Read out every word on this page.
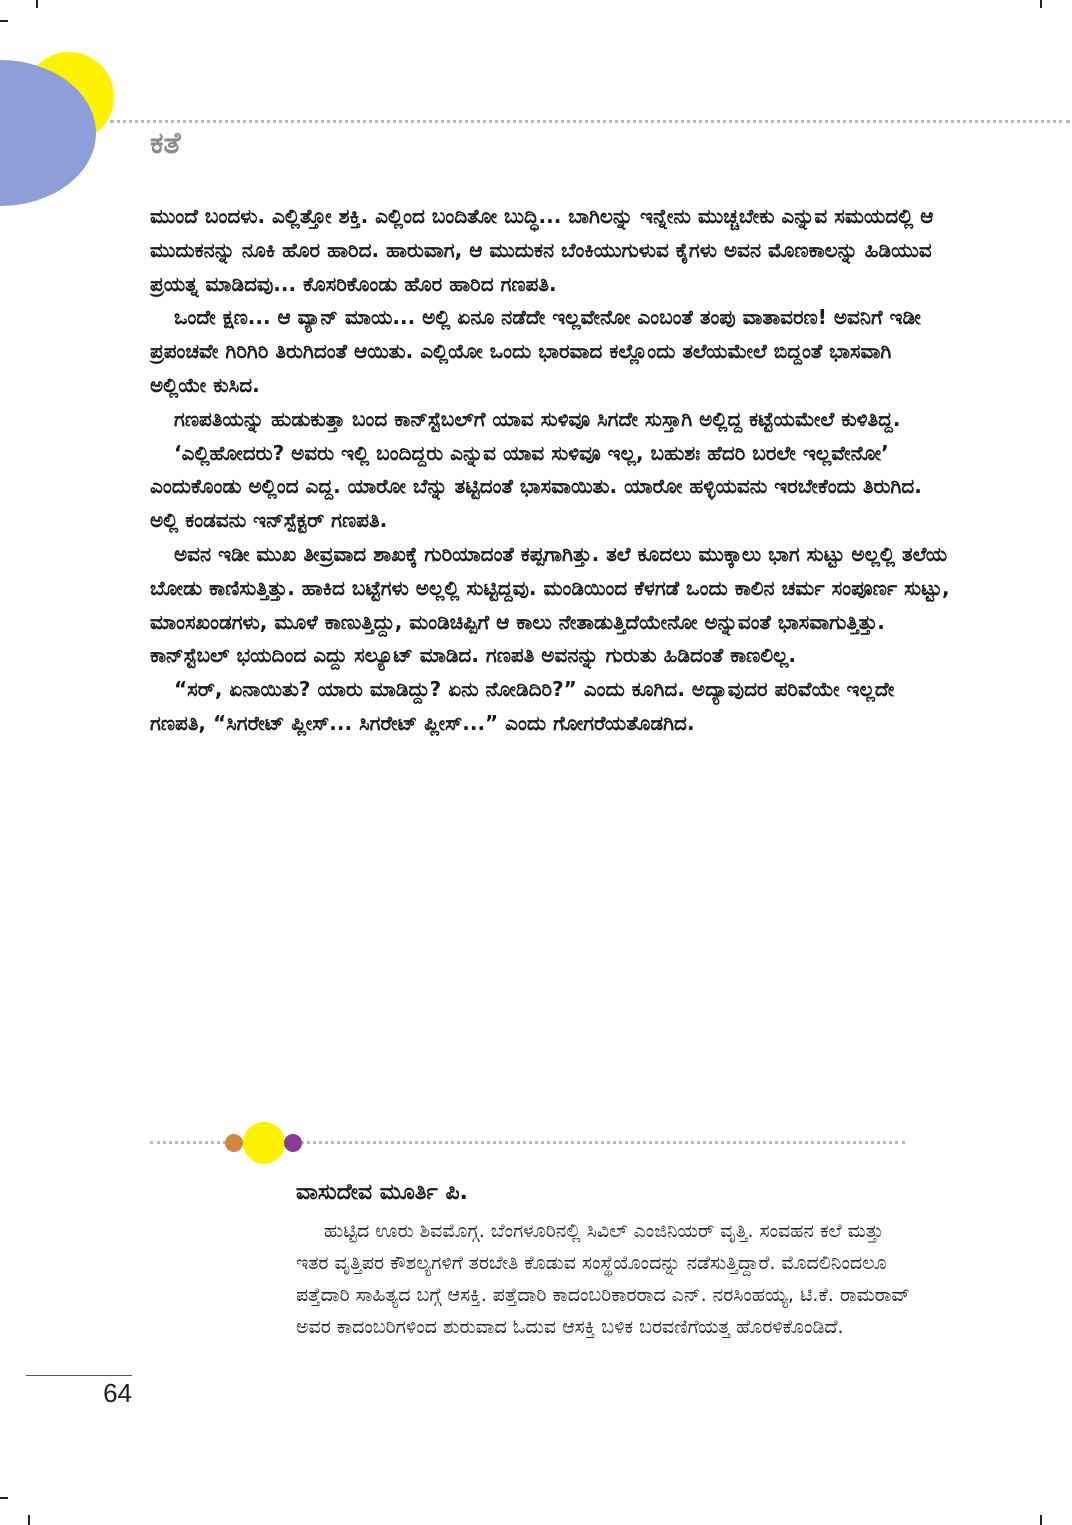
ಕತೆ

ಮುಂದೆ ಬಂದಳು. ಎಲ್ಲಿತ್ತೋ ಶಕ್ತಿ. ಎಲ್ಲಿಂದ ಬಂದಿತೋ ಬುದ್ಧಿ... ಬಾಗಿಲನ್ನು ಇನ್ನೇನು ಮುಚ್ಚಬೇಕು ಎನ್ನುವ ಸಮಯದಲ್ಲಿ ಆ ಮುದುಕನನ್ನು ನೂಕಿ ಹೊರ ಹಾರಿದ. ಹಾರುವಾಗ, ಆ ಮುದುಕನ ಬೆಂಕಿಯುಗುಳುವ ಕೈಗಳು ಅವನ ಮೊಣಕಾಲನ್ನು ಹಿಡಿಯುವ ಪ್ರಯತ್ನ ಮಾಡಿದವು... ಕೊಸರಿಕೊಂಡು ಹೊರ ಹಾರಿದ ಗಣಪತಿ.

ಒಂದೇ ಕ್ಷಣ... ಆ ವ್ಯಾನ್ ಮಾಯ... ಅಲ್ಲಿ ಏನೂ ನಡೆದೇ ಇಲ್ಲವೇನೋ ಎಂಬಂತೆ ತಂಪು ವಾತಾವರಣ! ಅವನಿಗೆ ಇಡೀ ಪ್ರಪಂಚವೇ ಗಿರಿಗಿರಿ ತಿರುಗಿದಂತೆ ಆಯಿತು. ಎಲ್ಲಿಯೋ ಒಂದು ಭಾರವಾದ ಕಲ್ಲೊಂದು ತಲೆಯಮೇಲೆ ಬಿದ್ದಂತೆ ಭಾಸವಾಗಿ ಅಲ್ಲಿಯೇ ಕುಸಿದ.

ಗಣಪತಿಯನ್ನು ಹುಡುಕುತ್ತಾ ಬಂದ ಕಾನ್‌ಸ್ಟೆಬಲ್‌ಗೆ ಯಾವ ಸುಳಿವೂ ಸಿಗದೇ ಸುಸ್ತಾಗಿ ಅಲ್ಲಿದ್ದ ಕಟ್ಟೆಯಮೇಲೆ ಕುಳಿತಿದ್ದ.

‘ಎಲ್ಲಿಹೋದರು? ಅವರು ಇಲ್ಲಿ ಬಂದಿದ್ದರು ಎನ್ನುವ ಯಾವ ಸುಳಿವೂ ಇಲ್ಲ, ಬಹುಶಃ ಹೆದರಿ ಬರಲೇ ಇಲ್ಲವೇನೋ’ ಎಂದುಕೊಂಡು ಅಲ್ಲಿಂದ ಎದ್ದ. ಯಾರೋ ಬೆನ್ನು ತಟ್ಟಿದಂತೆ ಭಾಸವಾಯಿತು. ಯಾರೋ ಹಳ್ಳಿಯವನು ಇರಬೇಕೆಂದು ತಿರುಗಿದ. ಅಲ್ಲಿ ಕಂಡವನು ಇನ್‌ಸ್ಪೆಕ್ಟರ್ ಗಣಪತಿ.

ಅವನ ಇಡೀ ಮುಖ ತೀವ್ರವಾದ ಶಾಖಕ್ಕೆ ಗುರಿಯಾದಂತೆ ಕಪ್ಪಗಾಗಿತ್ತು. ತಲೆ ಕೂದಲು ಮುಕ್ಕಾಲು ಭಾಗ ಸುಟ್ಟು ಅಲ್ಲಲ್ಲಿ ತಲೆಯ ಬೋಡು ಕಾಣಿಸುತ್ತಿತ್ತು. ಹಾಕಿದ ಬಟ್ಟೆಗಳು ಅಲ್ಲಲ್ಲಿ ಸುಟ್ಟಿದ್ದವು. ಮಂಡಿಯಿಂದ ಕೆಳಗಡೆ ಒಂದು ಕಾಲಿನ ಚರ್ಮ ಸಂಪೂರ್ಣ ಸುಟ್ಟು, ಮಾಂಸಖಂಡಗಳು, ಮೂಳೆ ಕಾಣುತ್ತಿದ್ದು, ಮಂಡಿಚಿಪ್ಪಿಗೆ ಆ ಕಾಲು ನೇತಾಡುತ್ತಿದೆಯೇನೋ ಅನ್ನುವಂತೆ ಭಾಸವಾಗುತ್ತಿತ್ತು. ಕಾನ್‌ಸ್ಟೆಬಲ್ ಭಯದಿಂದ ಎದ್ದು ಸಲ್ಯೂಟ್ ಮಾಡಿದ. ಗಣಪತಿ ಅವನನ್ನು ಗುರುತು ಹಿಡಿದಂತೆ ಕಾಣಲಿಲ್ಲ.

“ಸರ್, ಏನಾಯಿತು? ಯಾರು ಮಾಡಿದ್ದು? ಏನು ನೋಡಿದಿರಿ?” ಎಂದು ಕೂಗಿದ. ಅದ್ಯಾವುದರ ಪರಿವೆಯೇ ಇಲ್ಲದೇ ಗಣಪತಿ, “ಸಿಗರೇಟ್ ಪ್ಲೀಸ್... ಸಿಗರೇಟ್ ಪ್ಲೀಸ್...” ಎಂದು ಗೋಗರೆಯತೊಡಗಿದ.

ವಾಸುದೇವ ಮೂರ್ತಿ ಪಿ.

ಹುಟ್ಟಿದ ಊರು ಶಿವಮೊಗ್ಗ. ಬೆಂಗಳೂರಿನಲ್ಲಿ ಸಿವಿಲ್ ಎಂಜಿನಿಯರ್ ವೃತ್ತಿ. ಸಂವಹನ ಕಲೆ ಮತ್ತು ಇತರ ವೃತ್ತಿಪರ ಕೌಶಲ್ಯಗಳಿಗೆ ತರಬೇತಿ ಕೊಡುವ ಸಂಸ್ಥೆಯೊಂದನ್ನು ನಡೆಸುತ್ತಿದ್ದಾರೆ. ಮೊದಲಿನಿಂದಲೂ ಪತ್ತೆದಾರಿ ಸಾಹಿತ್ಯದ ಬಗ್ಗೆ ಆಸಕ್ತಿ. ಪತ್ತೆದಾರಿ ಕಾದಂಬರಿಕಾರರಾದ ಎನ್. ನರಸಿಂಹಯ್ಯ, ಟಿ.ಕೆ. ರಾಮರಾವ್ ಅವರ ಕಾದಂಬರಿಗಳಿಂದ ಶುರುವಾದ ಓದುವ ಆಸಕ್ತಿ ಬಳಿಕ ಬರವಣಿಗೆಯತ್ತ ಹೊರಳಿಕೊಂಡಿದೆ.

64
